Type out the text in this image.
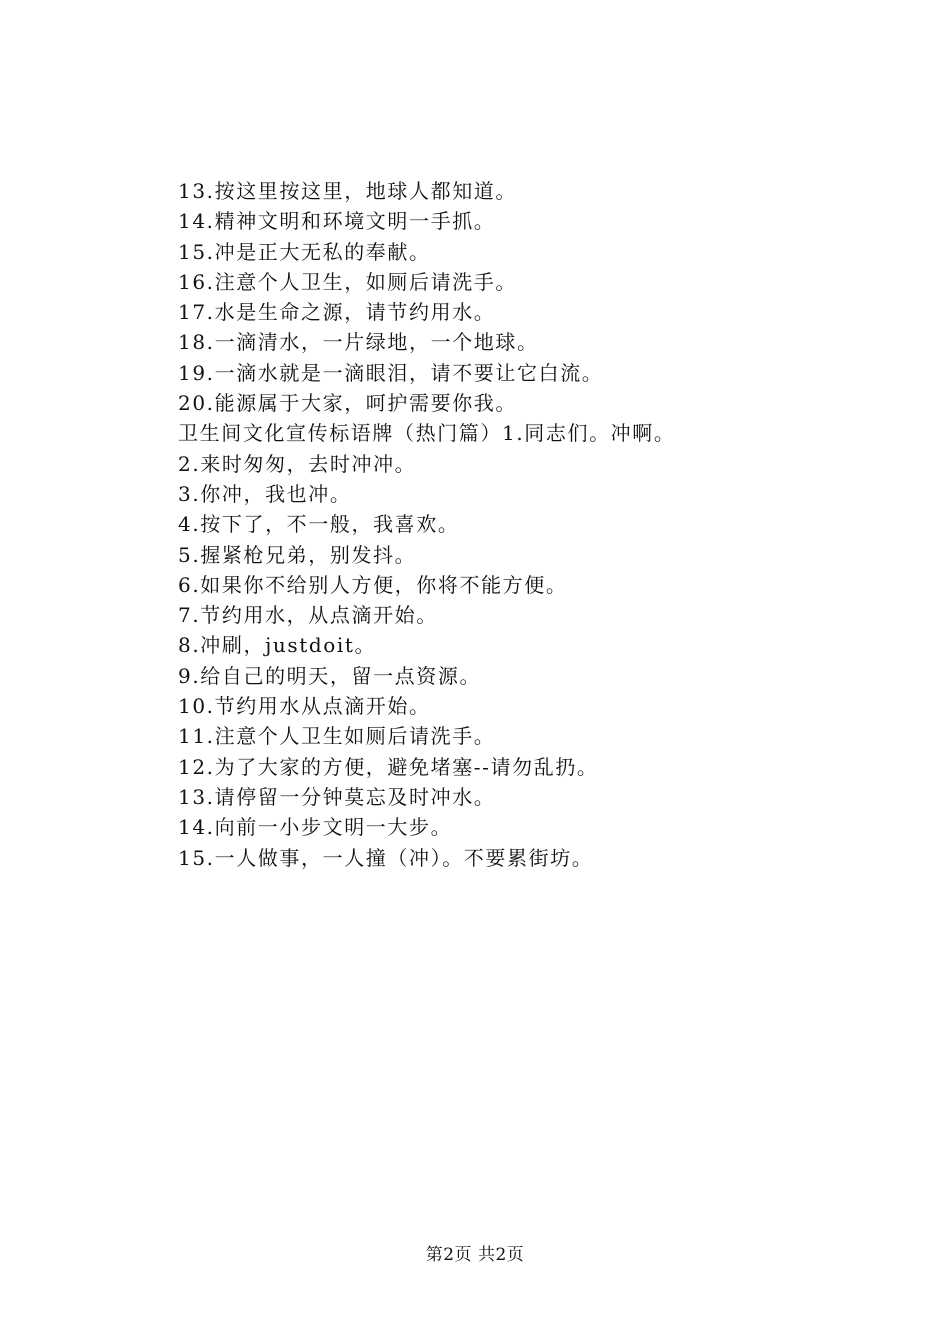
13.按这里按这里，地球人都知道。
14.精神文明和环境文明一手抓。
15.冲是正大无私的奉献。
16.注意个人卫生，如厕后请洗手。
17.水是生命之源，请节约用水。
18.一滴清水，一片绿地，一个地球。
19.一滴水就是一滴眼泪，请不要让它白流。
20.能源属于大家，呵护需要你我。
卫生间文化宣传标语牌（热门篇）1.同志们。冲啊。
2.来时匆匆，去时冲冲。
3.你冲，我也冲。
4.按下了，不一般，我喜欢。
5.握紧枪兄弟，别发抖。
6.如果你不给别人方便，你将不能方便。
7.节约用水，从点滴开始。
8.冲刷，justdoit。
9.给自己的明天，留一点资源。
10.节约用水从点滴开始。
11.注意个人卫生如厕后请洗手。
12.为了大家的方便，避免堵塞--请勿乱扔。
13.请停留一分钟莫忘及时冲水。
14.向前一小步文明一大步。
15.一人做事，一人撞（冲）。不要累街坊。
第2页 共2页
